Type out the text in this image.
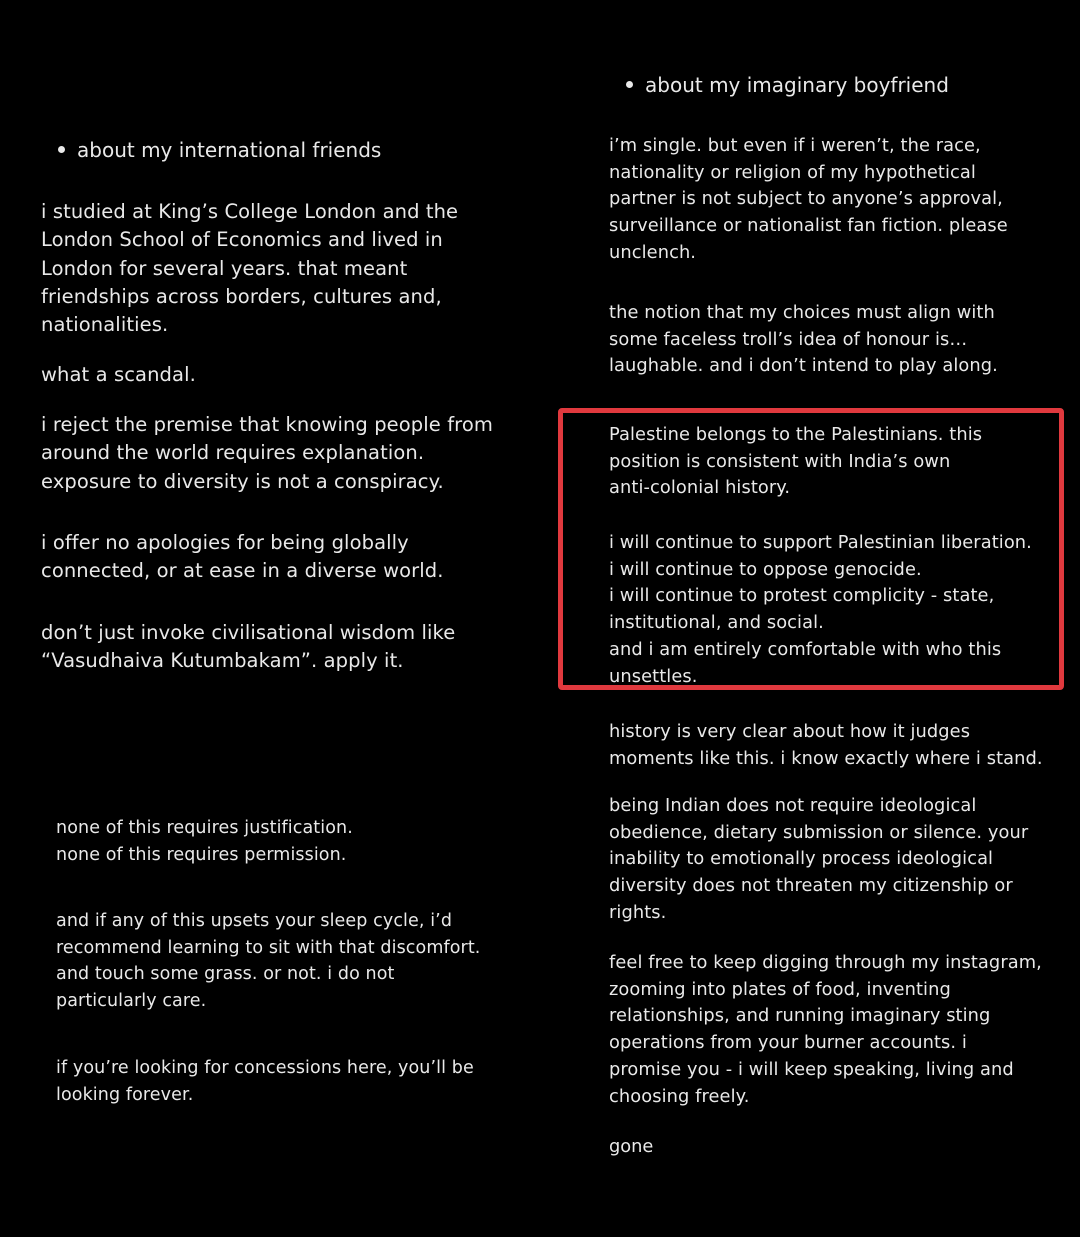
about my international friends

i studied at King’s College London and the
London School of Economics and lived in
London for several years. that meant
friendships across borders, cultures and,
nationalities.

what a scandal.

i reject the premise that knowing people from
around the world requires explanation.
exposure to diversity is not a conspiracy.

i offer no apologies for being globally
connected, or at ease in a diverse world.

don’t just invoke civilisational wisdom like
“Vasudhaiva Kutumbakam”. apply it.

none of this requires justification.
none of this requires permission.

and if any of this upsets your sleep cycle, i’d
recommend learning to sit with that discomfort.
and touch some grass. or not. i do not
particularly care.

if you’re looking for concessions here, you’ll be
looking forever.

about my imaginary boyfriend

i’m single. but even if i weren’t, the race,
nationality or religion of my hypothetical
partner is not subject to anyone’s approval,
surveillance or nationalist fan fiction. please
unclench.

the notion that my choices must align with
some faceless troll’s idea of honour is…
laughable. and i don’t intend to play along.

Palestine belongs to the Palestinians. this
position is consistent with India’s own
anti-colonial history.

i will continue to support Palestinian liberation.
i will continue to oppose genocide.
i will continue to protest complicity - state,
institutional, and social.
and i am entirely comfortable with who this
unsettles.

history is very clear about how it judges
moments like this. i know exactly where i stand.

being Indian does not require ideological
obedience, dietary submission or silence. your
inability to emotionally process ideological
diversity does not threaten my citizenship or
rights.

feel free to keep digging through my instagram,
zooming into plates of food, inventing
relationships, and running imaginary sting
operations from your burner accounts. i
promise you - i will keep speaking, living and
choosing freely.

gone
